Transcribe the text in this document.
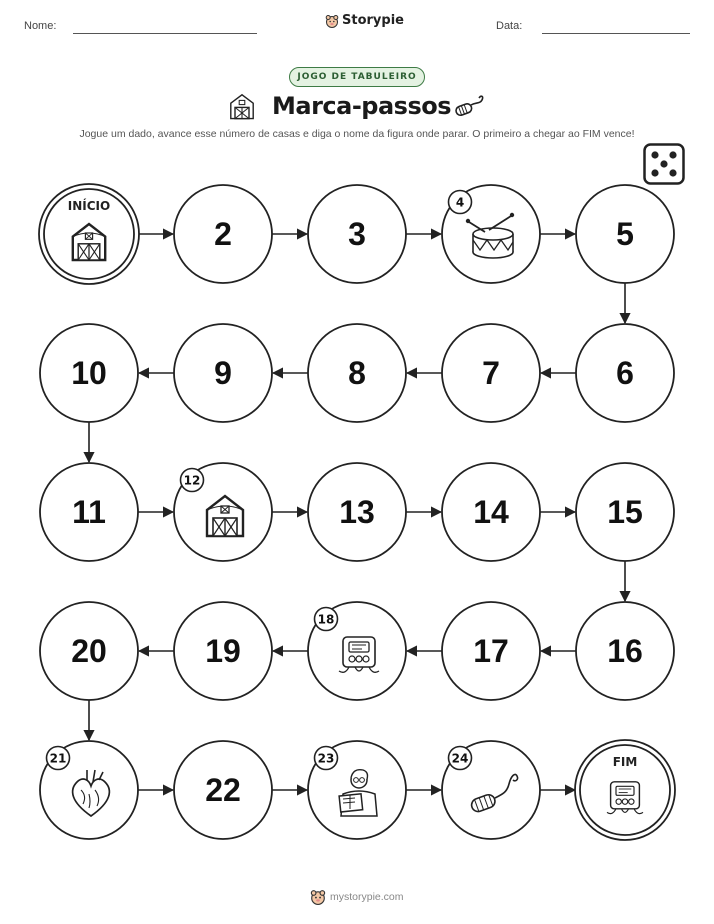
Nome:	Storypie	Data:
JOGO DE TABULEIRO
Marca-passos
Jogue um dado, avance esse número de casas e diga o nome da figura onde parar. O primeiro a chegar ao FIM vence!
INÍCIO
2	3
4
5
6
7
8
9
10
11
12
13	14	15
16
17
18
19
20
21
22
23	24	FIM
mystorypie.com
